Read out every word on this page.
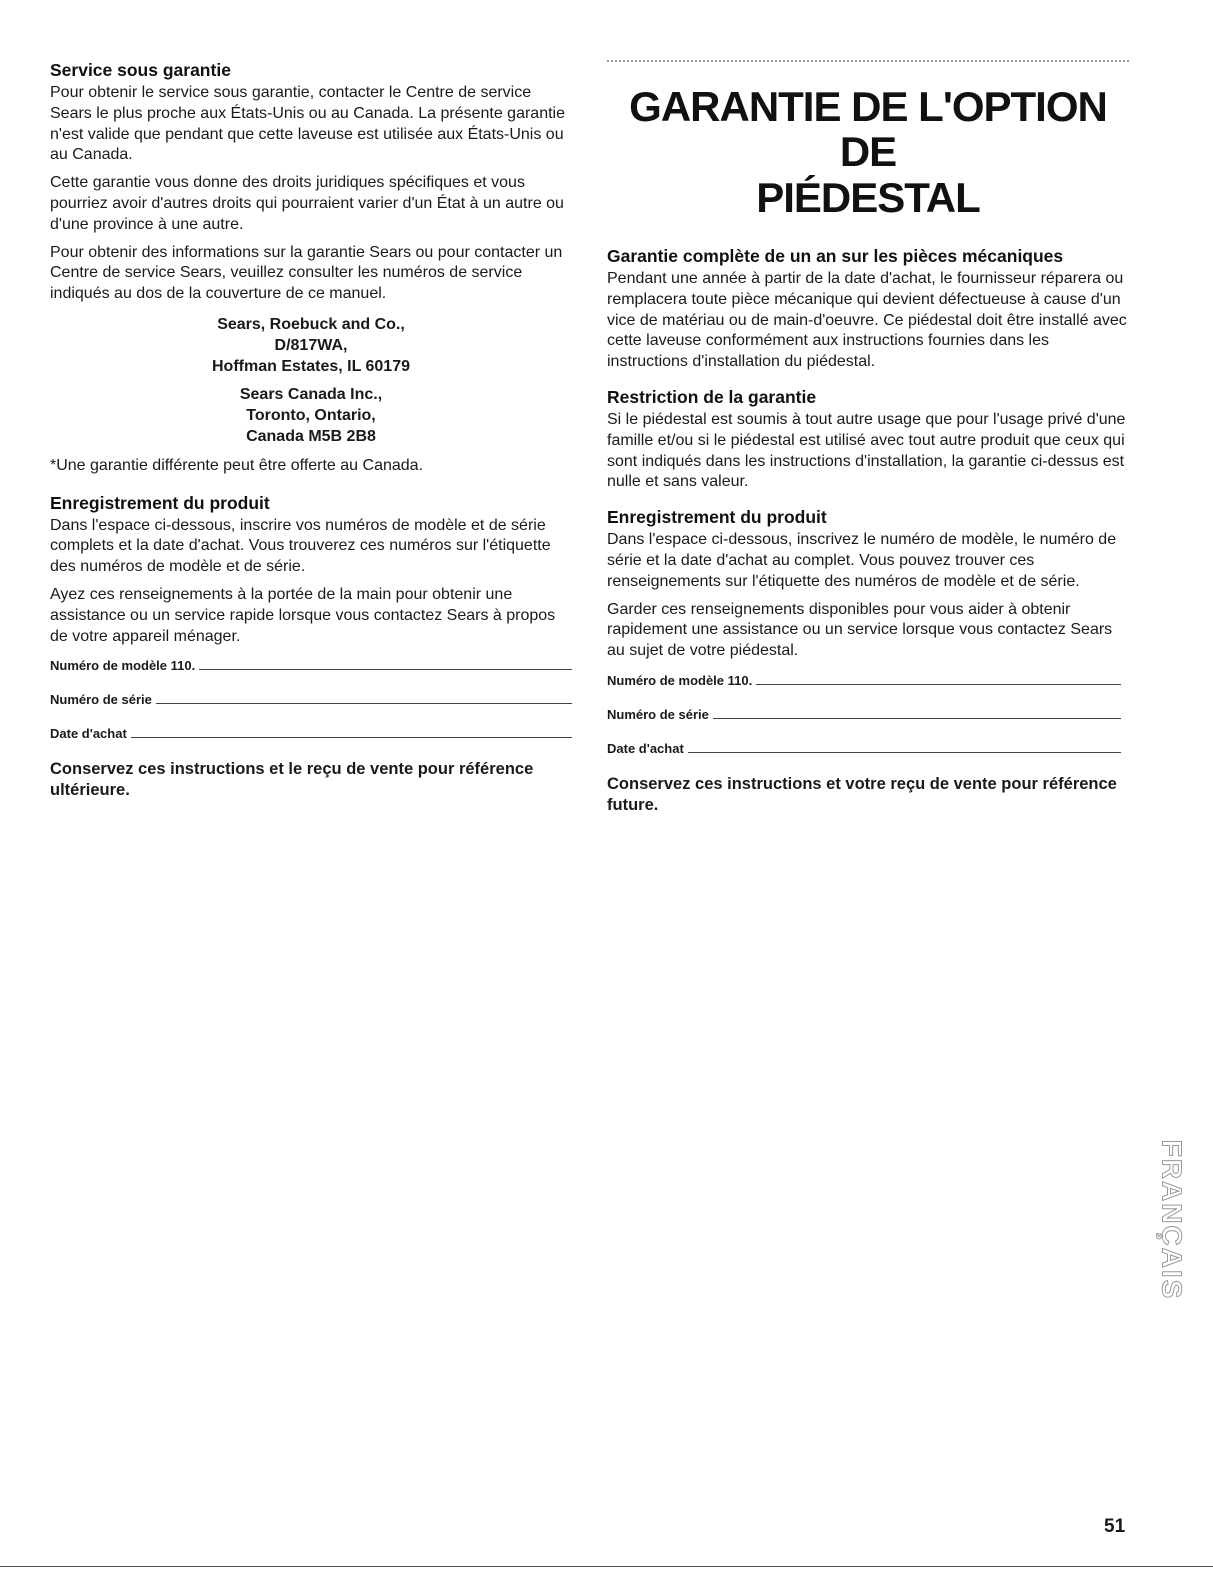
Service sous garantie

Pour obtenir le service sous garantie, contacter le Centre de service Sears le plus proche aux États-Unis ou au Canada. La présente garantie n'est valide que pendant que cette laveuse est utilisée aux États-Unis ou au Canada.

Cette garantie vous donne des droits juridiques spécifiques et vous pourriez avoir d'autres droits qui pourraient varier d'un État à un autre ou d'une province à une autre.

Pour obtenir des informations sur la garantie Sears ou pour contacter un Centre de service Sears, veuillez consulter les numéros de service indiqués au dos de la couverture de ce manuel.

Sears, Roebuck and Co.,
D/817WA,
Hoffman Estates, IL 60179
Sears Canada Inc.,
Toronto, Ontario,
Canada M5B 2B8

*Une garantie différente peut être offerte au Canada.

Enregistrement du produit

Dans l'espace ci-dessous, inscrire vos numéros de modèle et de série complets et la date d'achat. Vous trouverez ces numéros sur l'étiquette des numéros de modèle et de série.

Ayez ces renseignements à la portée de la main pour obtenir une assistance ou un service rapide lorsque vous contactez Sears à propos de votre appareil ménager.

Numéro de modèle 110.
Numéro de série
Date d'achat
Conservez ces instructions et le reçu de vente pour référence ultérieure.
GARANTIE DE L'OPTION DE
PIÉDESTAL
Garantie complète de un an sur les pièces mécaniques

Pendant une année à partir de la date d'achat, le fournisseur réparera ou remplacera toute pièce mécanique qui devient défectueuse à cause d'un vice de matériau ou de main-d'oeuvre. Ce piédestal doit être installé avec cette laveuse conformément aux instructions fournies dans les instructions d'installation du piédestal.

Restriction de la garantie

Si le piédestal est soumis à tout autre usage que pour l'usage privé d'une famille et/ou si le piédestal est utilisé avec tout autre produit que ceux qui sont indiqués dans les instructions d'installation, la garantie ci-dessus est nulle et sans valeur.

Enregistrement du produit

Dans l'espace ci-dessous, inscrivez le numéro de modèle, le numéro de série et la date d'achat au complet. Vous pouvez trouver ces renseignements sur l'étiquette des numéros de modèle et de série.

Garder ces renseignements disponibles pour vous aider à obtenir rapidement une assistance ou un service lorsque vous contactez Sears au sujet de votre piédestal.

Numéro de modèle 110.
Numéro de série
Date d'achat
Conservez ces instructions et votre reçu de vente pour référence future.
FRANÇAIS
51
